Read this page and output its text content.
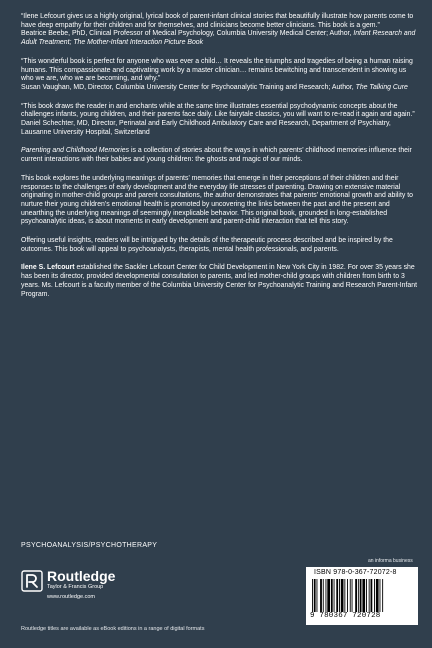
“Ilene Lefcourt gives us a highly original, lyrical book of parent-infant clinical stories that beautifully illustrate how parents come to have deep empathy for their children and for themselves, and clinicians become better clinicians. This book is a gem.”

Beatrice Beebe, PhD, Clinical Professor of Medical Psychology, Columbia University Medical Center; Author, Infant Research and Adult Treatment; The Mother-Infant Interaction Picture Book

“This wonderful book is perfect for anyone who was ever a child… It reveals the triumphs and tragedies of being a human raising humans. This compassionate and captivating work by a master clinician… remains bewitching and transcendent in showing us who we are, who we are becoming, and why.”

Susan Vaughan, MD, Director, Columbia University Center for Psychoanalytic Training and Research; Author, The Talking Cure

“This book draws the reader in and enchants while at the same time illustrates essential psychodynamic concepts about the challenges infants, young children, and their parents face daily. Like fairytale classics, you will want to re-read it again and again.”

Daniel Schechter, MD, Director, Perinatal and Early Childhood Ambulatory Care and Research, Department of Psychiatry, Lausanne University Hospital, Switzerland

Parenting and Childhood Memories is a collection of stories about the ways in which parents’ childhood memories influence their current interactions with their babies and young children: the ghosts and magic of our minds.

This book explores the underlying meanings of parents’ memories that emerge in their perceptions of their children and their responses to the challenges of early development and the everyday life stresses of parenting. Drawing on extensive material originating in mother-child groups and parent consultations, the author demonstrates that parents’ emotional growth and ability to nurture their young children’s emotional health is promoted by uncovering the links between the past and the present and unearthing the underlying meanings of seemingly inexplicable behavior. This original book, grounded in long-established psychoanalytic ideas, is about moments in early development and parent-child interaction that tell this story.

Offering useful insights, readers will be intrigued by the details of the therapeutic process described and be inspired by the outcomes. This book will appeal to psychoanalysts, therapists, mental health professionals, and parents.

Ilene S. Lefcourt established the Sackler Lefcourt Center for Child Development in New York City in 1982. For over 35 years she has been its director, provided developmental consultation to parents, and led mother-child groups with children from birth to 3 years. Ms. Lefcourt is a faculty member of the Columbia University Center for Psychoanalytic Training and Research Parent-Infant Program.

PSYCHOANALYSIS/PSYCHOTHERAPY
an informa business
Routledge
Taylor & Francis Group
www.routledge.com
ISBN 978-0-367-72072-8
9 780367 720728
Routledge titles are available as eBook editions in a range of digital formats
